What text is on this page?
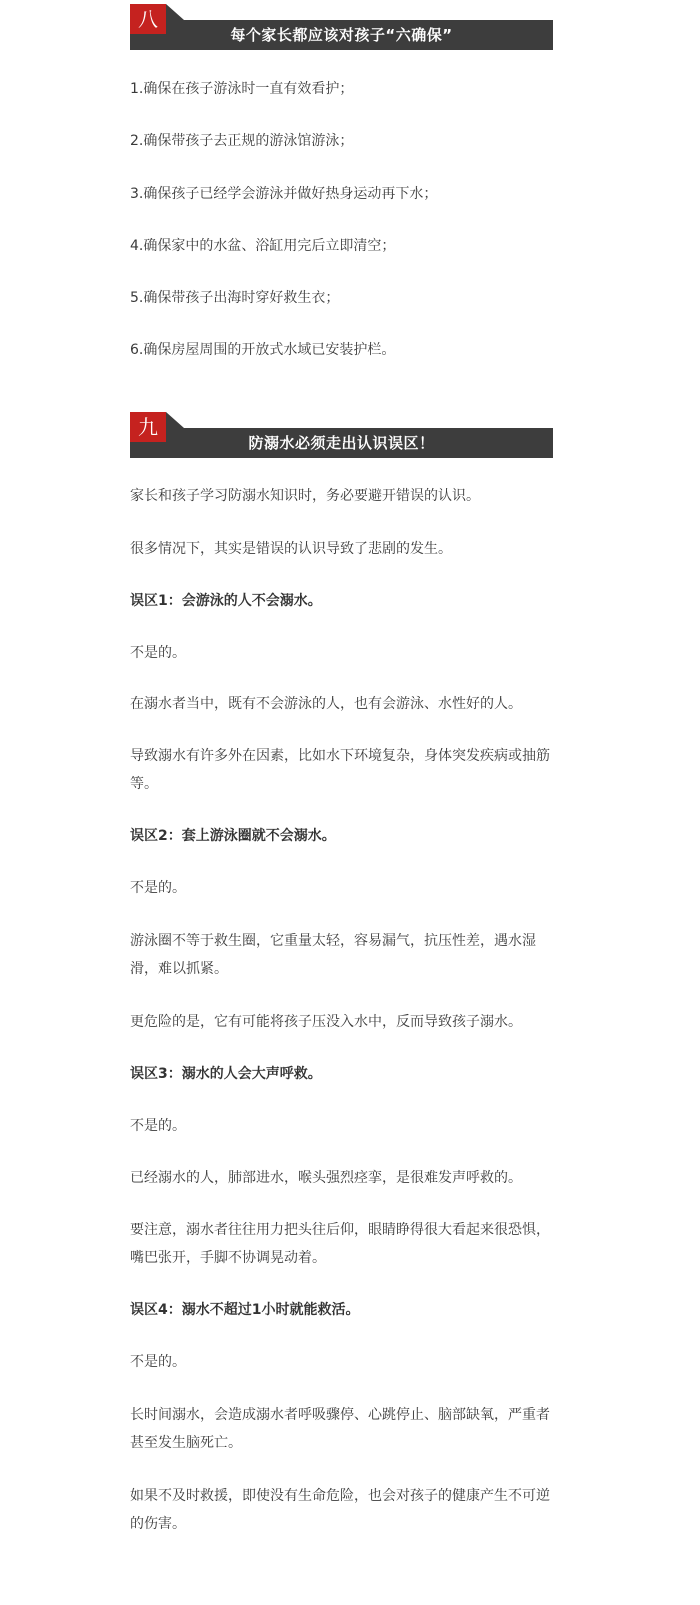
八
每个家长都应该对孩子“六确保”

1.确保在孩子游泳时一直有效看护；

2.确保带孩子去正规的游泳馆游泳；

3.确保孩子已经学会游泳并做好热身运动再下水；

4.确保家中的水盆、浴缸用完后立即清空；

5.确保带孩子出海时穿好救生衣；

6.确保房屋周围的开放式水域已安装护栏。

九
防溺水必须走出认识误区！

家长和孩子学习防溺水知识时，务必要避开错误的认识。

很多情况下，其实是错误的认识导致了悲剧的发生。

误区1：会游泳的人不会溺水。

不是的。

在溺水者当中，既有不会游泳的人，也有会游泳、水性好的人。

导致溺水有许多外在因素，比如水下环境复杂，身体突发疾病或抽筋等。

误区2：套上游泳圈就不会溺水。

不是的。

游泳圈不等于救生圈，它重量太轻，容易漏气，抗压性差，遇水湿滑，难以抓紧。

更危险的是，它有可能将孩子压没入水中，反而导致孩子溺水。

误区3：溺水的人会大声呼救。

不是的。

已经溺水的人，肺部进水，喉头强烈痉挛，是很难发声呼救的。

要注意，溺水者往往用力把头往后仰，眼睛睁得很大看起来很恐惧，嘴巴张开，手脚不协调晃动着。

误区4：溺水不超过1小时就能救活。

不是的。

长时间溺水，会造成溺水者呼吸骤停、心跳停止、脑部缺氧，严重者甚至发生脑死亡。

如果不及时救援，即使没有生命危险，也会对孩子的健康产生不可逆的伤害。
